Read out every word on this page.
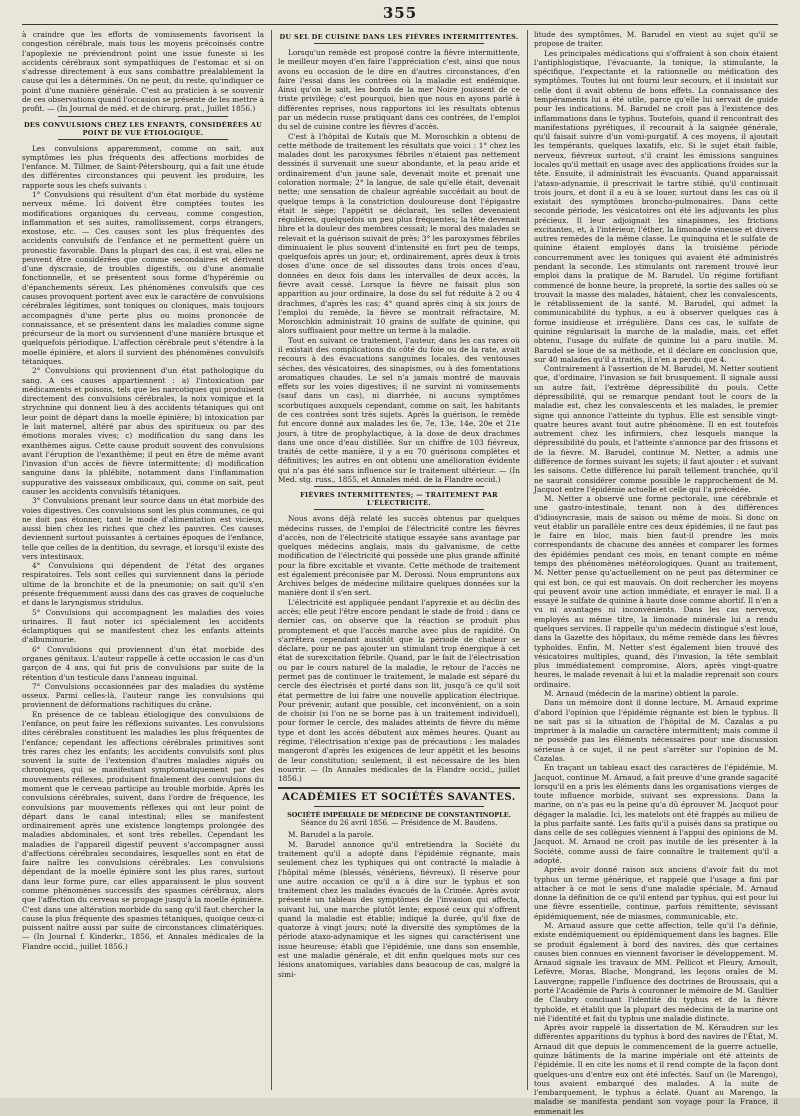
355

à craindre que les efforts de vomissements favorisent la congestion cérébrale, mais tous les moyens précoinsés contre l'apoplexie ne préviendront point une issue funeste si les accidents cérébraux sont sympathiques de l'estomac et si on s'adresse directement à eux sans combattre préalablement la cause qui les a déterminés. On ne peut, du reste, qu'indiquer ce point d'une manière générale. C'est au praticien à se souvenir de ces observations quand l'occasion se présente de les mettre à profit. — (In Journal de méd. et de chirurg. prat., Juillet 1856.)

DES CONVULSIONS CHEZ LES ENFANTS, CONSIDÉRÉES AU POINT DE VUE ÉTIOLOGIQUE.

Les convulsions apparemment, comme on sait, aux symptômes les plus fréquents des affections morbides de l'enfance. M. Tillmer, de Saint-Pétersbourg, qui a fait une étude des différentes circonstances qui peuvent les produire, les rapporte sous les chefs suivants :

1° Convulsions qui résultent d'un état morbide du système nerveux même. Ici doivent être comptées toutes les modifications organiques du cerveau, comme congestion, inflammation et ses suites, ramollissement, corps étrangers, exostose, etc. — Ces causes sont les plus fréquentes des accidents convulsifs de l'enfance et ne permettent guère un pronostic favorable. Dans la plupart des cas, il est vrai, elles ne peuvent être considérées que comme secondaires et dérivent d'une dyscrasie, de troubles digestifs, ou d'une anomalie fonctionnelle, et se présentent sous forme d'hypérémie ou d'épanchements séreux. Les phénomènes convulsifs que ces causes provoquent portent avec eux le caractère de convulsions cérébrales légitimes, sont toniques ou cloniques, mais toujours accompagnés d'une perte plus ou moins prononcée de connaissance, et se présentent dans les maladies comme signe précurseur de la mort ou surviennent d'une manière brusque et quelquefois périodique. L'affection cérébrale peut s'étendre à la moelle épinière, et alors il survient des phénomènes convulsifs tétaniques.

2° Convulsions qui proviennent d'un état pathologique du sang. A ces causes appartiennent : a) l'intoxication par médicaments et poisons, tels que les narcotiques qui produisent directement des convulsions cérébrales, la noix vomique et la strychnine qui donnent lieu à des accidents tétaniques qui ont leur point de départ dans la moelle épinière; b) intoxication par le lait maternel, altéré par abus des spiritueux ou par des émotions morales vives; c) modification du sang dans les exanthèmes aigus. Cette cause produit souvent des convulsions avant l'éruption de l'exanthème; il peut en être de même avant l'invasion d'un accès de fièvre intermittente; d) modification sanguine dans la phlébite, notamment dans l'inflammation suppurative des vaisseaux ombilicaux, qui, comme on sait, peut causer les accidents convulsifs tétaniques.

3° Convulsions prenant leur source dans un état morbide des voies digestives. Ces convulsions sont les plus communes, ce qui ne doit pas étonner, tant le mode d'alimentation est vicieux, aussi bien chez les riches que chez les pauvres. Ces causes deviennent surtout puissantes à certaines époques de l'enfance, telle que celles de la dentition, du sevrage, et lorsqu'il existe des vers intestinaux.

4° Convulsions qui dépendent de l'état des organes respiratoires. Tels sont celles qui surviennent dans la période ultime de la bronchite et de la pneumonie; on sait qu'il s'en présente fréquemment aussi dans des cas graves de coqueluche et dans le laryngismus stridulus.

5° Convulsions qui accompagnent les maladies des voies urinaires. Il faut noter ici spécialement les accidents éclamptiques qui se manifestent chez les enfants atteints d'albuminurie.

6° Convulsions qui proviennent d'un état morbide des organes génitaux. L'auteur rappelle à cette occasion le cas d'un garçon de 4 ans, qui fut pris de convulsions par suite de la rétention d'un testicule dans l'anneau inguinal.

7° Convulsions occasionnées par des maladies du système osseux. Parmi celles-là, l'auteur range les convulsions qui proviennent de déformations rachitiques du crâne.

En présence de ce tableau étiologique des convulsions de l'enfance, on peut faire les réflexions suivantes. Les convulsions dites cérébrales constituent les maladies les plus fréquentes de l'enfance; cependant les affections cérébrales primitives sont très rares chez les enfants; les accidents convulsifs sont plus souvent la suite de l'extension d'autres maladies aiguës ou chroniques, qui se manifestant symptomatiquement par des mouvements réflexes, produisent finalement des convulsions du moment que le cerveau participe au trouble morbide. Après les convulsions cérébrales, suivent, dans l'ordre de fréquence, les convulsions par mouvements réflexes qui ont leur point de départ dans le canal intestinal; elles se manifestent ordinairement après une existence longtemps prolongée des maladies abdominales, et sont très rebelles. Cependant les maladies de l'appareil digestif peuvent s'accompagner aussi d'affections cérébrales secondaires, lesquelles sont en état de faire naître les convulsions cérébrales. Les convulsions dépendant de la moelle épinière sont les plus rares, surtout dans leur forme pure, car elles apparaissent le plus souvent comme phénomènes successifs des spasmes cérébraux, alors que l'affection du cerveau se propage jusqu'à la moelle épinière. C'est dans une altération morbide du sang qu'il faut chercher la cause la plus fréquente des spasmes tétaniques, quoique ceux-ci puissent naître aussi par suite de circonstances climatériques. — (In Journal f. Kinderkr., 1856, et Annales médicales de la Flandre occid., juillet 1856.)

DU SEL DE CUISINE DANS LES FIÈVRES INTERMITTENTES.

Lorsqu'un remède est proposé contre la fièvre intermittente, le meilleur moyen d'en faire l'appréciation c'est, ainsi que nous avons eu occasion de le dire en d'autres circonstances, d'en faire l'essai dans les contrées où la maladie est endémique. Ainsi qu'on le sait, les bords de la mer Noire jouissent de ce triste privilège; c'est pourquoi, bien que nous en ayons parlé à différentes reprises, nous rapportons ici les résultats obtenus par un médecin russe pratiquant dans ces contrées, de l'emploi du sel de cuisine contre les fièvres d'accès.

C'est à l'hôpital de Kutaïs que M. Moroschkin a obtenu de cette méthode de traitement les résultats que voici : 1° chez les malades dont les paroxysmes fébriles n'étaient pas nettement dessinés il survenait une sueur abondante, et la peau aride et ordinairement d'un jaune sale, devenait moite et prenait une coloration normale; 2° la langue, de sale qu'elle était, devenait nette; une sensation de chaleur agréable succédait au bout de quelque temps à la constriction douloureuse dont l'épigastre était le siège; l'appétit se déclarait, les selles devenaient régulières, quelquefois un peu plus fréquentes; la tête devenait libre et la douleur des membres cessait; le moral des malades se relevait et la guérison suivait de près; 3° les paroxysmes fébriles diminuaient le plus souvent d'intensité en fort peu de temps, quelquefois après un jour; et, ordinairement, après deux à trois doses d'une once de sel dissoutes dans trois onces d'eau, données en deux fois dans les intervalles de deux accès, la fièvre avait cessé. Lorsque la fièvre ne faisait plus son apparition au jour ordinaire, la dose du sel fut réduite à 2 ou 4 drachmes, d'après les cas; 4° quand après cinq à six jours de l'emploi du remède, la fièvre se montrait réfractaire, M. Moroschkin administrait 10 grains de sulfate de quinine, qui alors suffisaient pour mettre un terme à la maladie.

Tout en suivant ce traitement, l'auteur, dans les cas rares où il existait des complications du côté du foie ou de la rate, avait recours à des évacuations sanguines locales, des ventouses sèches, des vésicatoires, des sinapismes, ou à des fomentations aromatiques chaudes. Le sel n'a jamais montré de mauvais effets sur les voies digestives; il ne survint ni vomissements (sauf dans un cas), ni diarrhée, ni aucuns symptômes scorbutiques auxquels cependant, comme on sait, les habitants de ces contrées sont très sujets. Après la guérison, le remède fut encore donné aux malades les 6e, 7e, 13e, 14e, 20e et 21e jours, à titre de prophylactique, à la dose de deux drachmes dans une once d'eau distillée. Sur un chiffre de 103 fiévreux, traités de cette manière, il y a eu 70 guérisons complètes et définitives; les autres en ont obtenu une amélioration évidente qui n'a pas été sans influence sur le traitement ultérieur. — (In Med. stg. russ., 1855, et Annales méd. de la Flandre occid.)

FIÈVRES INTERMITTENTES; — TRAITEMENT PAR L'ÉLECTRICITÉ.

Nous avons déjà relaté les succès obtenus par quelques médecins russes, de l'emploi de l'électricité contre les fièvres d'accès, non de l'électricité statique essayée sans avantage par quelques médecins anglais, mais du galvanisme, de cette modification de l'électricité qui possède une plus grande affinité pour la fibre excitable et vivante. Cette méthode de traitement est également préconisée par M. Derossi. Nous empruntons aux Archives belges de médecine militaire quelques données sur la manière dont il s'en sert.

L'électricité est appliquée pendant l'apyrexie et au déclin des accès; elle peut l'être encore pendant le stade de froid : dans ce dernier cas, on observe que la réaction se produit plus promptement et que l'accès marche avec plus de rapidité. On s'arrêtera cependant aussitôt que la période de chaleur se déclare, pour ne pas ajouter un stimulant trop énergique à cet état de surexcitation fébrile. Quand, par le fait de l'électrisation ou par le cours naturel de la maladie, le retour de l'accès ne permet pas de continuer le traitement, le malade est séparé du cercle des électrisés et porté dans son lit, jusqu'à ce qu'il soit état permettre de lui faire une nouvelle application électrique. Pour prévenir, autant que possible, cet inconvénient, on a soin de choisir (si l'on ne se borne pas à un traitement individuel), pour former le cercle, des malades atteints de fièvre du même type et dont les accès débutent aux mêmes heures. Quant au régime, l'électrisation n'exige pas de précautions : les malades mangeront d'après les exigences de leur appétit et les besoins de leur constitution; seulement, il est nécessaire de les bien nourrir. — (In Annales médicales de la Flandre occid., juillet 1856.)

ACADÉMIES ET SOCIÉTÉS SAVANTES.
SOCIÉTÉ IMPÉRIALE DE MÉDECINE DE CONSTANTINOPLE.
Séance du 26 avril 1856. — Présidence de M. Baudens.

M. Barudel a la parole.

M. Barudel annonce qu'il entretiendra la Société du traitement qu'il a adopté dans l'épidémie régnante, mais seulement chez les typhiques qui ont contracté la maladie à l'hôpital même (blessés, vénériens, fiévreux). Il réserve pour une autre occasion ce qu'il a à dire sur le typhus et son traitement chez les malades évacués de la Crimée. Après avoir présenté un tableau des symptômes de l'invasion qui affecta, suivant lui, une marche plutôt lente; exposé ceux qui s'offrent quand la maladie est établie; indiqué la durée, qu'il fixe de quatorze à vingt jours; noté la diversité des symptômes de la période ataxo-adynamique et les signes qui caractérisent une issue heureuse; établi que l'épidémie, une dans son ensemble, est une maladie générale, et dit enfin quelques mots sur ces lésions anatomiques, variables dans beaucoup de cas, malgré la simi-

litude des symptômes, M. Barudel en vient au sujet qu'il se propose de traiter.

Les principales médications qui s'offraient à son choix étaient l'antiphlogistique, l'évacuante, la tonique, la stimulante, la spécifique, l'expectante et la rationnelle ou médication des symptômes. Toutes lui ont fourni leur secours, et il insistait sur celle dont il avait obtenu de bons effets. La connaissance des tempéraments lui a été utile, parce qu'elle lui servait de guide pour les indications. M. Barudel ne croit pas à l'existence des inflammations dans le typhus. Toutefois, quand il rencontrait des manifestations pyrétiques, il recourait à la saignée générale, qu'il faisait suivre d'un vomi-purgatif. A ces moyens, il ajoutait les tempérants, quelques laxatifs, etc. Si le sujet était faible, nerveux, fiévreux surtout, s'il craint les émissions sanguines locales qu'il mettait en usage avec des applications froides sur la tête. Ensuite, il administrait les évacuants. Quand apparaissait l'ataxo-adynamie, il prescrivait le tartre stibié, qu'il continuait trois jours, et dont il a eu à se louer, surtout dans les cas où il existait des symptômes broncho-pulmonaires. Dans cette seconde période, les vésicatoires ont été les adjuvants les plus précieux. Il leur adjoignait les sinapismes, les frictions excitantes, et, à l'intérieur, l'éther, la limonade vineuse et divers autres remèdes de la même classe. Le quinquina et le sulfate de quinine étaient employés dans la troisième période concurremment avec les toniques qui avaient été administrés pendant la seconde. Les stimulants ont rarement trouvé leur emploi dans la pratique de M. Barudel. Un régime fortifiant commencé de bonne heure, la propreté, la sortie des salles où se trouvait la masse des malades, hâtaient, chez les convalescents, le rétablissement de la santé. M. Barudel, qui admet la communicabilité du typhus, a eu à observer quelques cas à forme insidieuse et irrégulière. Dans ces cas, le sulfate de quinine régularisait la marche de la maladie, mais, cet effet obtenu, l'usage du sulfate de quinine lui a paru inutile. M. Barudel se loue de sa méthode, et il déclare en conclusion que, sur 40 malades qu'il a traités, il n'en a perdu que 4.

Contrairement à l'assertion de M. Barudel, M. Netter soutient que, d'ordinaire, l'invasion se fait brusquement. Il signale aussi un autre fait, l'extrême dépressibilité du pouls. Cette dépressibilité, qui se remarque pendant tout le cours de la maladie est, chez les convalescents et les malades, le premier signe qui annonce l'atteinte du typhus. Elle est sensible vingt-quatre heures avant tout autre phénomène. Il en est toutefois autrement chez les infirmiers, chez lesquels manque la dépressibilité du pouls, et l'atteinte s'annonce par des frissons et de la fièvre. M. Barudel, continue M. Netter, a admis une différence de formes suivant les sujets; il faut ajouter : et suivant les saisons. Cette différence lui paraît tellement tranchée, qu'il ne saurait considérer comme possible le rapprochement de M. Jacquot entre l'épidémie actuelle et celle qui l'a précédée.

M. Netter a observé une forme pectorale, une cérébrale et une gastro-intestinale, tenant non à des différences d'idiosyncrasie, mais de saison ou même de mois. Si donc on veut établir un parallèle entre ces deux épidémies, il ne faut pas le faire en bloc, mais bien faut-il prendre les mois correspondants de chacune des années et comparer les formes des épidémies pendant ces mois, en tenant compte en même temps des phénomènes météorologiques. Quant au traitement, M. Netter pense qu'actuellement on ne peut pas déterminer ce qui est bon, ce qui est mauvais. On doit rechercher les moyens qui peuvent avoir une action immédiate, et enrayer le mal. Il a essayé le sulfate de quinine à haute dose comme abortif. Il n'en a vu ni avantages ni inconvénients. Dans les cas nerveux, employés au même titre, la limonade minérale lui a rendu quelques services. Il rappelle qu'un médecin distingué s'est loué, dans la Gazette des hôpitaux, du même remède dans les fièvres typhoïdes. Enfin, M. Netter s'est également bien trouvé des vésicatoires multiples, quand, dès l'invasion, la tête semblait plus immédiatement compromise. Alors, après vingt-quatre heures, le malade revenait à lui et la maladie reprenait son cours ordinaire.

M. Arnaud (médecin de la marine) obtient la parole.

Dans un mémoire dont il donne lecture, M. Arnaud exprime d'abord l'opinion que l'épidémie régnante est bien le typhus. Il ne sait pas si la situation de l'hôpital de M. Cazalas a pu imprimer à la maladie un caractère intermittent; mais comme il ne possède pas les éléments nécessaires pour une discussion sérieuse à ce sujet, il ne peut s'arrêter sur l'opinion de M. Cazalas.

En traçant un tableau exact des caractères de l'épidémie, M. Jacquot, continue M. Arnaud, a fait preuve d'une grande sagacité lorsqu'il en a pris les éléments dans les organisations vierges de toute influence morbide, suivant ses expressions. Dans la marine, on n'a pas eu la peine qu'a dû éprouver M. Jacquot pour dégager la maladie. Ici, les matelots ont été frappés au milieu de la plus parfaite santé. Les faits qu'il a puisés dans sa pratique ou dans celle de ses collègues viennent à l'appui des opinions de M. Jacquot. M. Arnaud ne croit pas inutile de les présenter à la Société, comme aussi de faire connaître le traitement qu'il a adopté.

Après avoir donné raison aux anciens d'avoir fait du mot typhus un terme générique, et rappelé que l'usage a fini par attacher à ce mot le sens d'une maladie spéciale, M. Arnaud donne la définition de ce qu'il entend par typhus, qui est pour lui une fièvre essentielle, continue, parfois rémittente, sévissant épidémiquement, née de miasmes, communicable, etc.

M. Arnaud assure que cette affection, telle qu'il l'a définie, existe endémiquement ou épidémiquement dans les bagnes. Elle se produit également à bord des navires, dès que certaines causes bien connues en viennent favoriser le développement. M. Arnaud signale les travaux de MM. Pellicot et Fleury, Arnoult, Lefèvre, Moras, Blache, Mongrand, les leçons orales de M. Lauvergne; rappelle l'influence des doctrines de Broussais, qui a porté l'Académie de Paris à couronner le mémoire de M. Gaultier de Claubry concluant l'identité du typhus et de la fièvre typhoïde, et établit que la plupart des médecins de la marine ont nié l'identité et fait du typhus une maladie distincte.

Après avoir rappelé la dissertation de M. Kéraudren sur les différentes apparitions du typhus à bord des navires de l'État, M. Arnaud dit que depuis le commencement de la guerre actuelle, quinze bâtiments de la marine impériale ont été atteints de l'épidémie. Il en cite les noms et il rend compte de la façon dont quelques-uns d'entre eux ont été infectés. Sauf un (le Marengo), tous avaient embarqué des malades. A la suite de l'embarquement, le typhus a éclaté. Quant au Marengo, la maladie se manifesta pendant son voyage pour la France, il emmenait les
